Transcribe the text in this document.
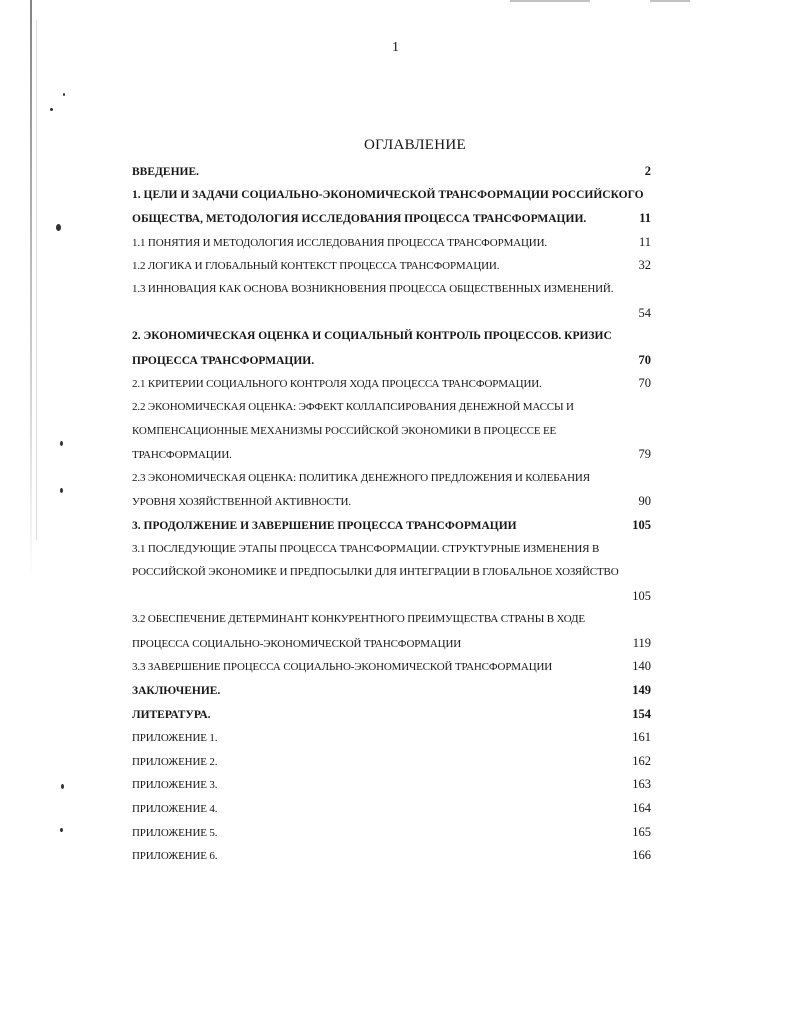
1
ОГЛАВЛЕНИЕ
ВВЕДЕНИЕ.	2
1. ЦЕЛИ И ЗАДАЧИ СОЦИАЛЬНО-ЭКОНОМИЧЕСКОЙ ТРАНСФОРМАЦИИ РОССИЙСКОГО
ОБЩЕСТВА, МЕТОДОЛОГИЯ ИССЛЕДОВАНИЯ ПРОЦЕССА ТРАНСФОРМАЦИИ.	11
1.1 ПОНЯТИЯ И МЕТОДОЛОГИЯ ИССЛЕДОВАНИЯ ПРОЦЕССА ТРАНСФОРМАЦИИ.	11
1.2 ЛОГИКА И ГЛОБАЛЬНЫЙ КОНТЕКСТ ПРОЦЕССА ТРАНСФОРМАЦИИ.	32
1.3 ИННОВАЦИЯ КАК ОСНОВА ВОЗНИКНОВЕНИЯ ПРОЦЕССА ОБЩЕСТВЕННЫХ ИЗМЕНЕНИЙ.
54
2. ЭКОНОМИЧЕСКАЯ ОЦЕНКА И СОЦИАЛЬНЫЙ КОНТРОЛЬ ПРОЦЕССОВ. КРИЗИС
ПРОЦЕССА ТРАНСФОРМАЦИИ.	70
2.1 КРИТЕРИИ СОЦИАЛЬНОГО КОНТРОЛЯ ХОДА ПРОЦЕССА ТРАНСФОРМАЦИИ.	70
2.2 ЭКОНОМИЧЕСКАЯ ОЦЕНКА: ЭФФЕКТ КОЛЛАПСИРОВАНИЯ ДЕНЕЖНОЙ МАССЫ И
КОМПЕНСАЦИОННЫЕ МЕХАНИЗМЫ РОССИЙСКОЙ ЭКОНОМИКИ В ПРОЦЕССЕ ЕЕ
ТРАНСФОРМАЦИИ.	79
2.3 ЭКОНОМИЧЕСКАЯ ОЦЕНКА: ПОЛИТИКА ДЕНЕЖНОГО ПРЕДЛОЖЕНИЯ И КОЛЕБАНИЯ
УРОВНЯ ХОЗЯЙСТВЕННОЙ АКТИВНОСТИ.	90
3. ПРОДОЛЖЕНИЕ И ЗАВЕРШЕНИЕ ПРОЦЕССА ТРАНСФОРМАЦИИ	105
3.1 ПОСЛЕДУЮЩИЕ ЭТАПЫ ПРОЦЕССА ТРАНСФОРМАЦИИ. СТРУКТУРНЫЕ ИЗМЕНЕНИЯ В
РОССИЙСКОЙ ЭКОНОМИКЕ И ПРЕДПОСЫЛКИ ДЛЯ ИНТЕГРАЦИИ В ГЛОБАЛЬНОЕ ХОЗЯЙСТВО
105
3.2 ОБЕСПЕЧЕНИЕ ДЕТЕРМИНАНТ КОНКУРЕНТНОГО ПРЕИМУЩЕСТВА СТРАНЫ В ХОДЕ
ПРОЦЕССА СОЦИАЛЬНО-ЭКОНОМИЧЕСКОЙ ТРАНСФОРМАЦИИ	119
3.3 ЗАВЕРШЕНИЕ ПРОЦЕССА СОЦИАЛЬНО-ЭКОНОМИЧЕСКОЙ ТРАНСФОРМАЦИИ	140
ЗАКЛЮЧЕНИЕ.	149
ЛИТЕРАТУРА.	154
ПРИЛОЖЕНИЕ 1.	161
ПРИЛОЖЕНИЕ 2.	162
ПРИЛОЖЕНИЕ 3.	163
ПРИЛОЖЕНИЕ 4.	164
ПРИЛОЖЕНИЕ 5.	165
ПРИЛОЖЕНИЕ 6.	166
